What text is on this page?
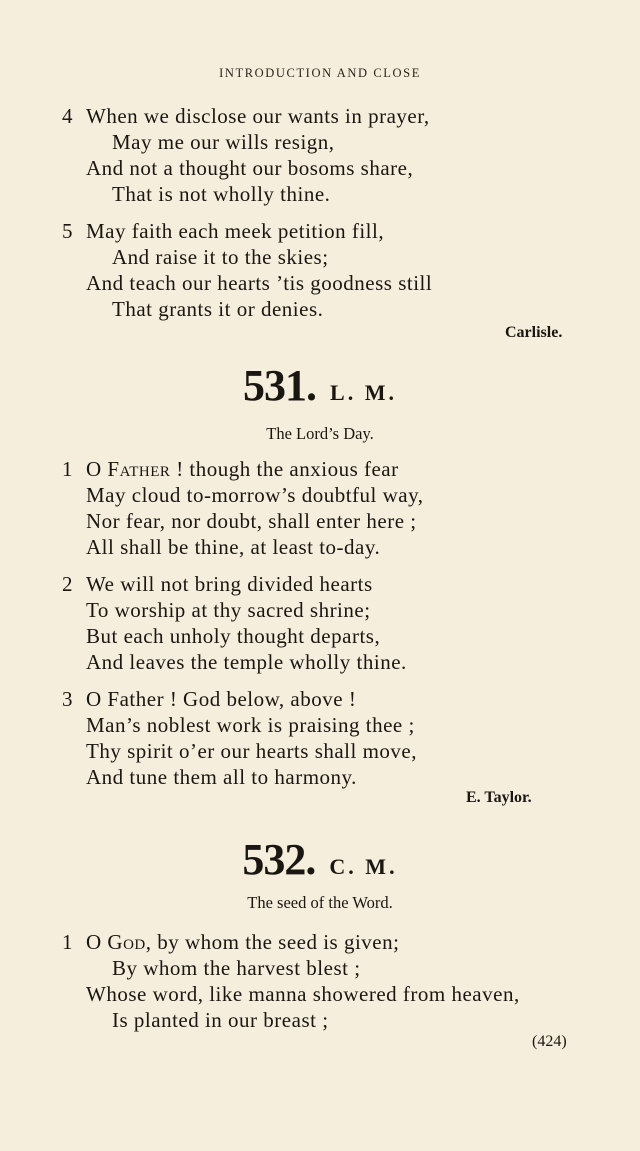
INTRODUCTION AND CLOSE
4 When we disclose our wants in prayer,
May me our wills resign,
And not a thought our bosoms share,
That is not wholly thine.
5 May faith each meek petition fill,
And raise it to the skies;
And teach our hearts ’tis goodness still
That grants it or denies.
Carlisle.
531. L. M.
The Lord’s Day.
1 O Father ! though the anxious fear
May cloud to-morrow’s doubtful way,
Nor fear, nor doubt, shall enter here ;
All shall be thine, at least to-day.
2 We will not bring divided hearts
To worship at thy sacred shrine;
But each unholy thought departs,
And leaves the temple wholly thine.
3 O Father ! God below, above !
Man’s noblest work is praising thee ;
Thy spirit o’er our hearts shall move,
And tune them all to harmony.
E. Taylor.
532. C. M.
The seed of the Word.
1 O God, by whom the seed is given;
By whom the harvest blest ;
Whose word, like manna showered from heaven,
Is planted in our breast ;
(424)
